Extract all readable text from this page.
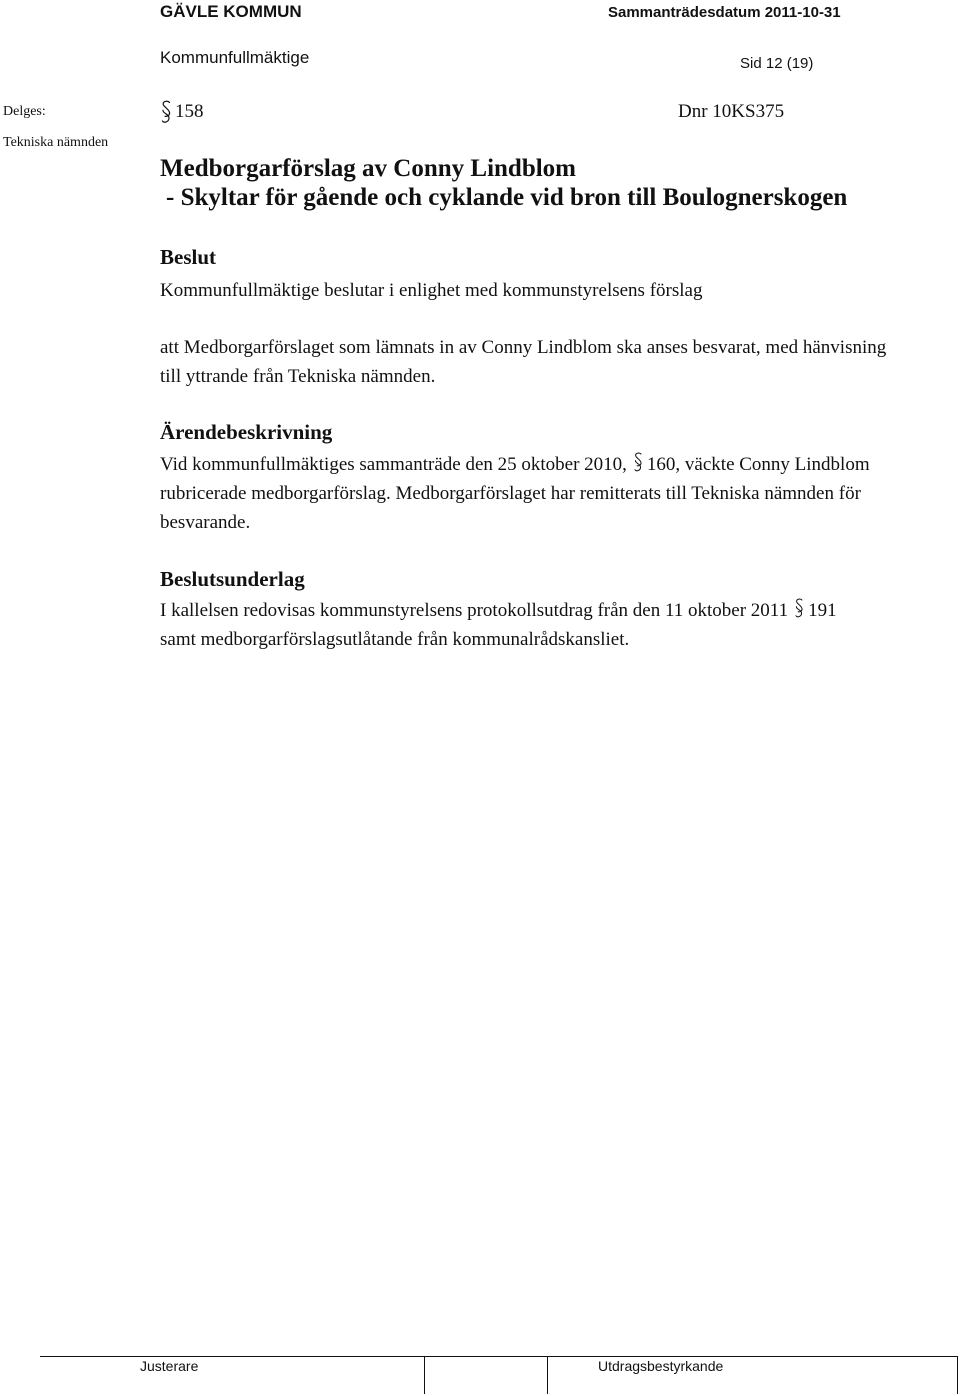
GÄVLE KOMMUN	Sammanträdesdatum 2011-10-31
Kommunfullmäktige	Sid 12 (19)
Delges:
Tekniska nämnden
158	Dnr 10KS375
Medborgarförslag av Conny Lindblom
- Skyltar för gående och cyklande vid bron till Boulognerskogen
Beslut
Kommunfullmäktige beslutar i enlighet med kommunstyrelsens förslag
att Medborgarförslaget som lämnats in av Conny Lindblom ska anses besvarat, med hänvisning
till yttrande från Tekniska nämnden.
Ärendebeskrivning
Vid kommunfullmäktiges sammanträde den 25 oktober 2010, 160, väckte Conny Lindblom
rubricerade medborgarförslag. Medborgarförslaget har remitterats till Tekniska nämnden för
besvarande.
Beslutsunderlag
I kallelsen redovisas kommunstyrelsens protokollsutdrag från den 11 oktober 2011 191
samt medborgarförslagsutlåtande från kommunalrådskansliet.
Justerare	Utdragsbestyrkande
